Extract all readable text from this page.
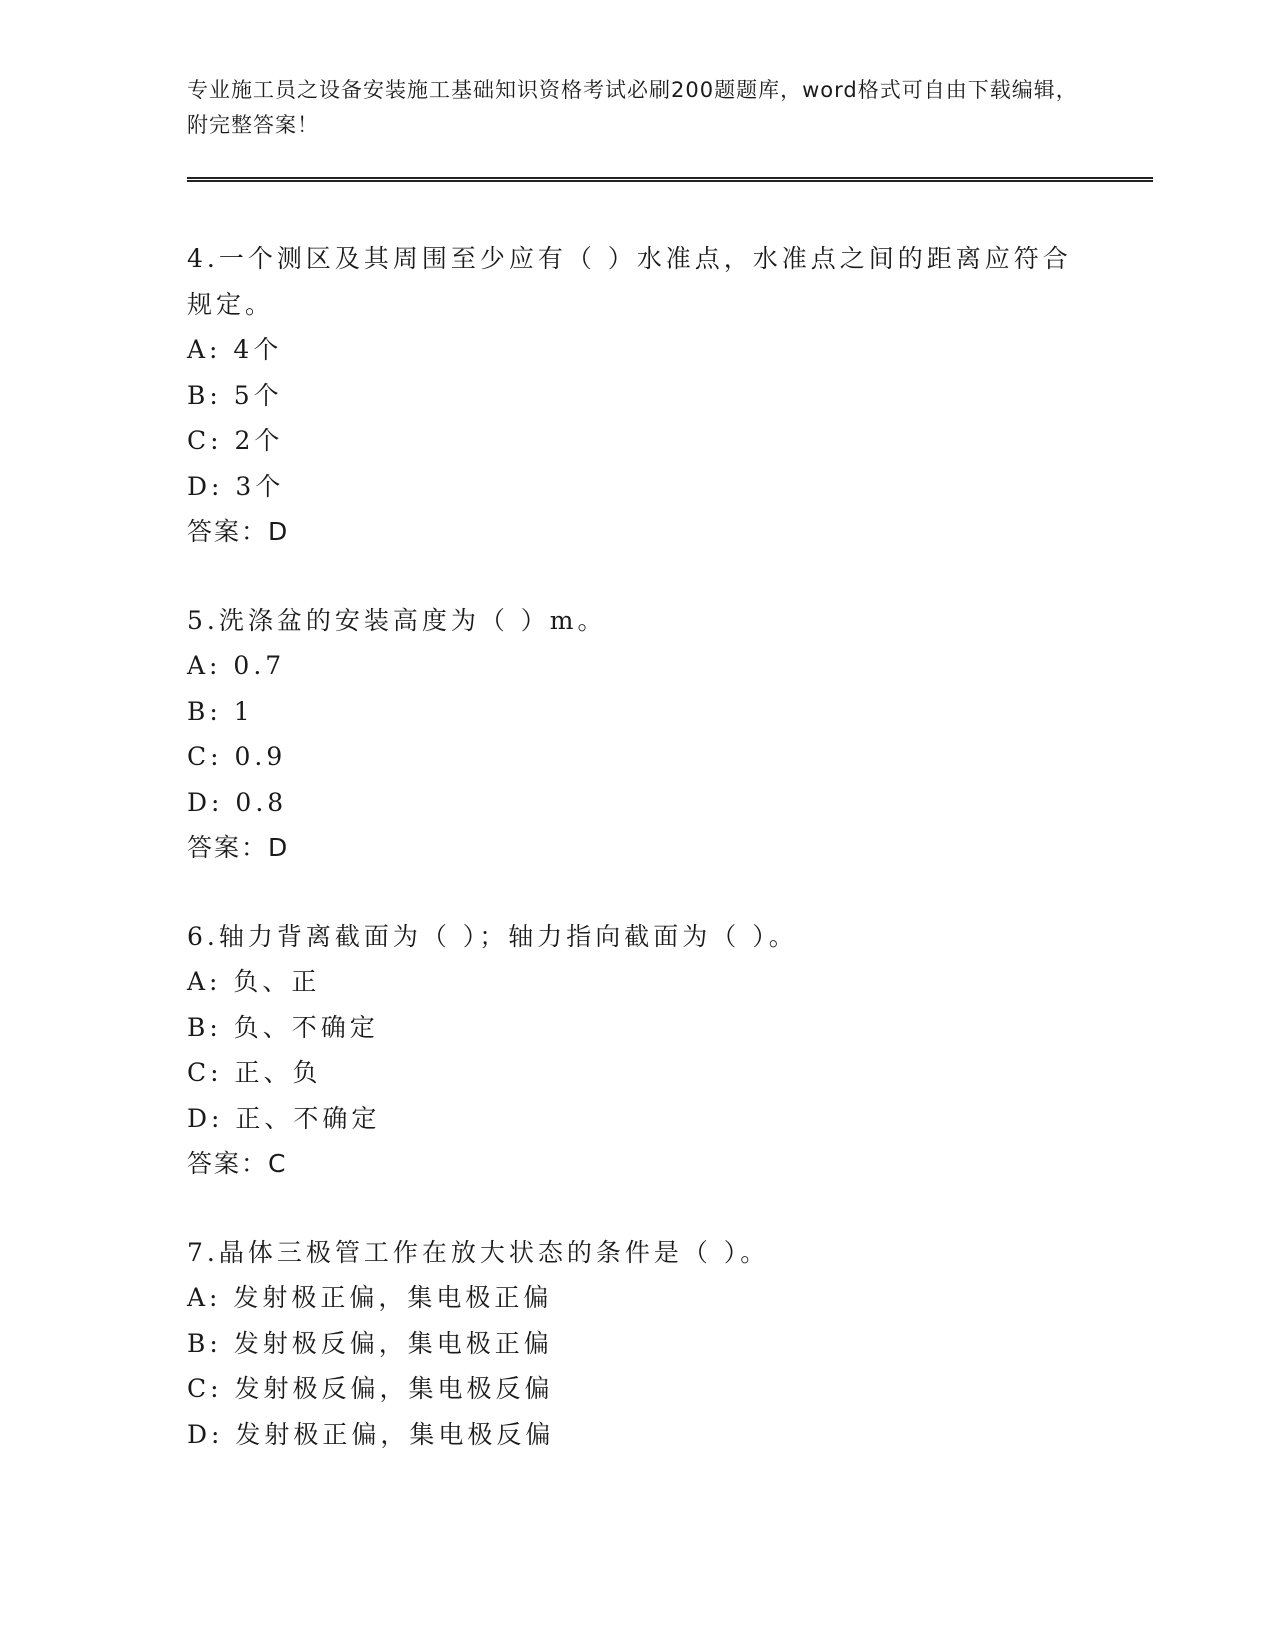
专业施工员之设备安装施工基础知识资格考试必刷200题题库，word格式可自由下载编辑，附完整答案！

4.一个测区及其周围至少应有（ ）水准点，水准点之间的距离应符合规定。

A: 4个

B: 5个

C: 2个

D: 3个

答案：D

5.洗涤盆的安装高度为（ ）m。

A: 0.7

B: 1

C: 0.9

D: 0.8

答案：D

6.轴力背离截面为（ ）；轴力指向截面为（ ）。

A: 负、正

B: 负、不确定

C: 正、负

D: 正、不确定

答案：C

7.晶体三极管工作在放大状态的条件是（ ）。

A: 发射极正偏，集电极正偏

B: 发射极反偏，集电极正偏

C: 发射极反偏，集电极反偏

D: 发射极正偏，集电极反偏
